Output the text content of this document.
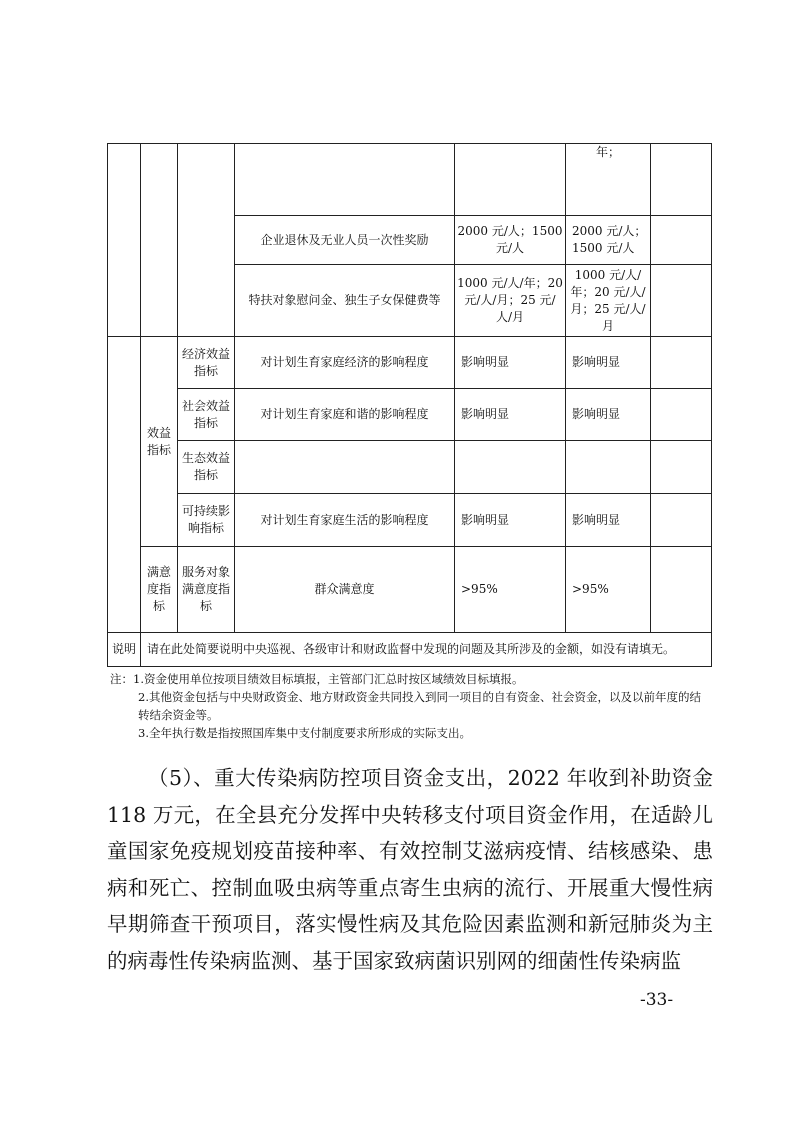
					年；	
			企业退休及无业人员一次性奖励	2000 元/人；1500 元/人	2000 元/人；1500 元/人	
			特扶对象慰问金、独生子女保健费等	1000 元/人/年；20 元/人/月；25 元/人/月	1000 元/人/年；20 元/人/月；25 元/人/月	
	效益指标	经济效益指标	对计划生育家庭经济的影响程度	影响明显	影响明显	
		社会效益指标	对计划生育家庭和谐的影响程度	影响明显	影响明显	
		生态效益指标				
		可持续影响指标	对计划生育家庭生活的影响程度	影响明显	影响明显	
	满意度指标	服务对象满意度指标	群众满意度	>95%	>95%	
说明	请在此处简要说明中央巡视、各级审计和财政监督中发现的问题及其所涉及的金额，如没有请填无。					

注：1.资金使用单位按项目绩效目标填报，主管部门汇总时按区域绩效目标填报。

2.其他资金包括与中央财政资金、地方财政资金共同投入到同一项目的自有资金、社会资金，以及以前年度的结转结余资金等。

3.全年执行数是指按照国库集中支付制度要求所形成的实际支出。

（5）、重大传染病防控项目资金支出，2022 年收到补助资金 118 万元，在全县充分发挥中央转移支付项目资金作用，在适龄儿童国家免疫规划疫苗接种率、有效控制艾滋病疫情、结核感染、患病和死亡、控制血吸虫病等重点寄生虫病的流行、开展重大慢性病早期筛查干预项目，落实慢性病及其危险因素监测和新冠肺炎为主的病毒性传染病监测、基于国家致病菌识别网的细菌性传染病监

-33-
